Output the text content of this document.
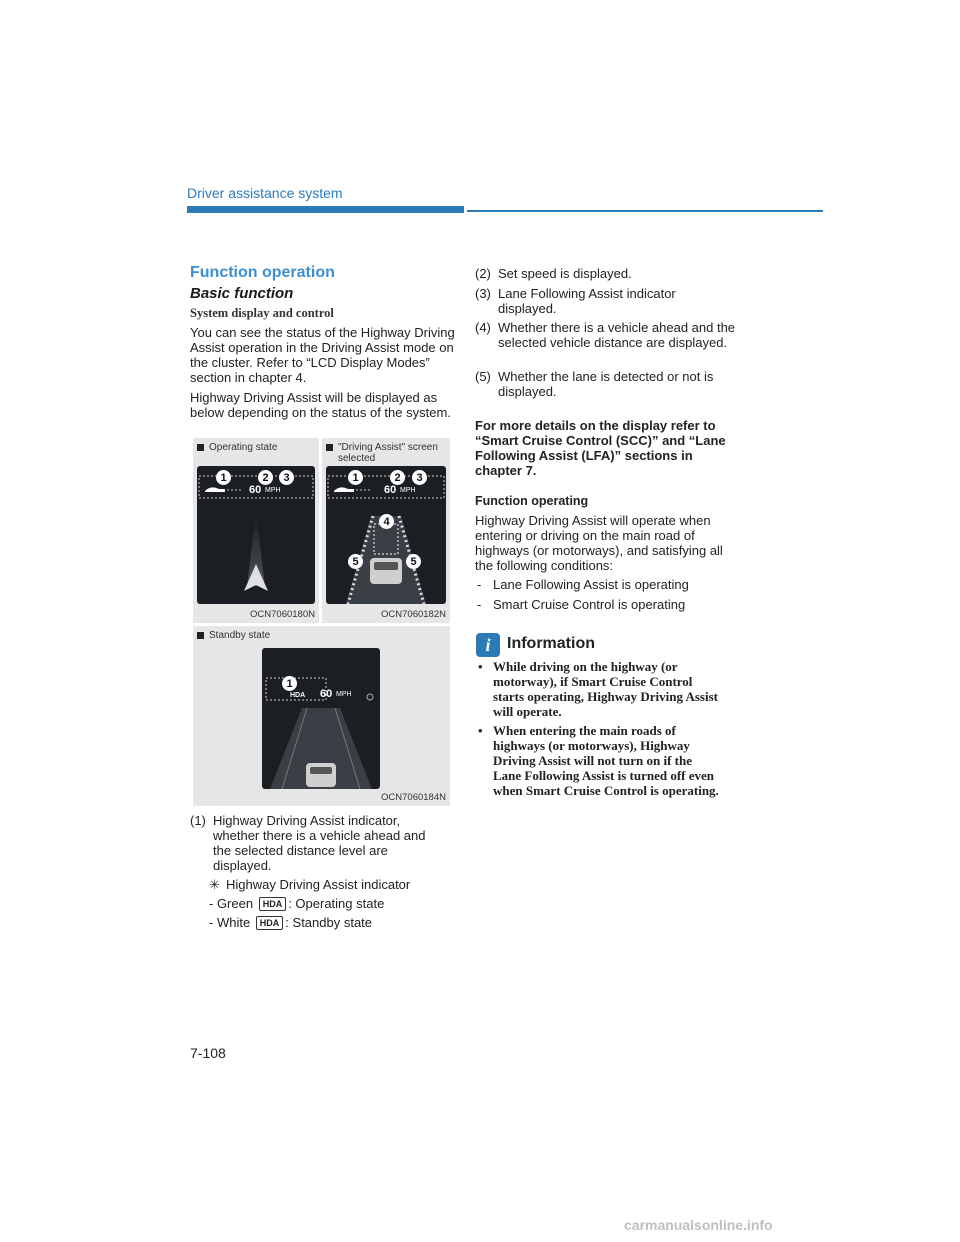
Driver assistance system
Function operation
Basic function
System display and control
You can see the status of the Highway Driving Assist operation in the Driving Assist mode on the cluster. Refer to “LCD Display Modes” section in chapter 4.
Highway Driving Assist will be displayed as below depending on the status of the system.
Operating state
1	2	3
60 MPH
OCN7060180N
"Driving Assist" screen selected
1	2	3
4
5	5
60 MPH
OCN7060182N
Standby state
1
HDA 60 MPH
OCN7060184N
(1) Highway Driving Assist indicator, whether there is a vehicle ahead and the selected distance level are displayed.
✳ Highway Driving Assist indicator
- Green HDA : Operating state
- White HDA : Standby state
(2) Set speed is displayed.
(3) Lane Following Assist indicator displayed.
(4) Whether there is a vehicle ahead and the selected vehicle distance are displayed.
(5) Whether the lane is detected or not is displayed.
For more details on the display refer to “Smart Cruise Control (SCC)” and “Lane Following Assist (LFA)” sections in chapter 7.
Function operating
Highway Driving Assist will operate when entering or driving on the main road of highways (or motorways), and satisfying all the following conditions:
- Lane Following Assist is operating
- Smart Cruise Control is operating
i	Information
• While driving on the highway (or motorway), if Smart Cruise Control starts operating, Highway Driving Assist will operate.
• When entering the main roads of highways (or motorways), Highway Driving Assist will not turn on if the Lane Following Assist is turned off even when Smart Cruise Control is operating.
7-108
carmanualsonline.info
